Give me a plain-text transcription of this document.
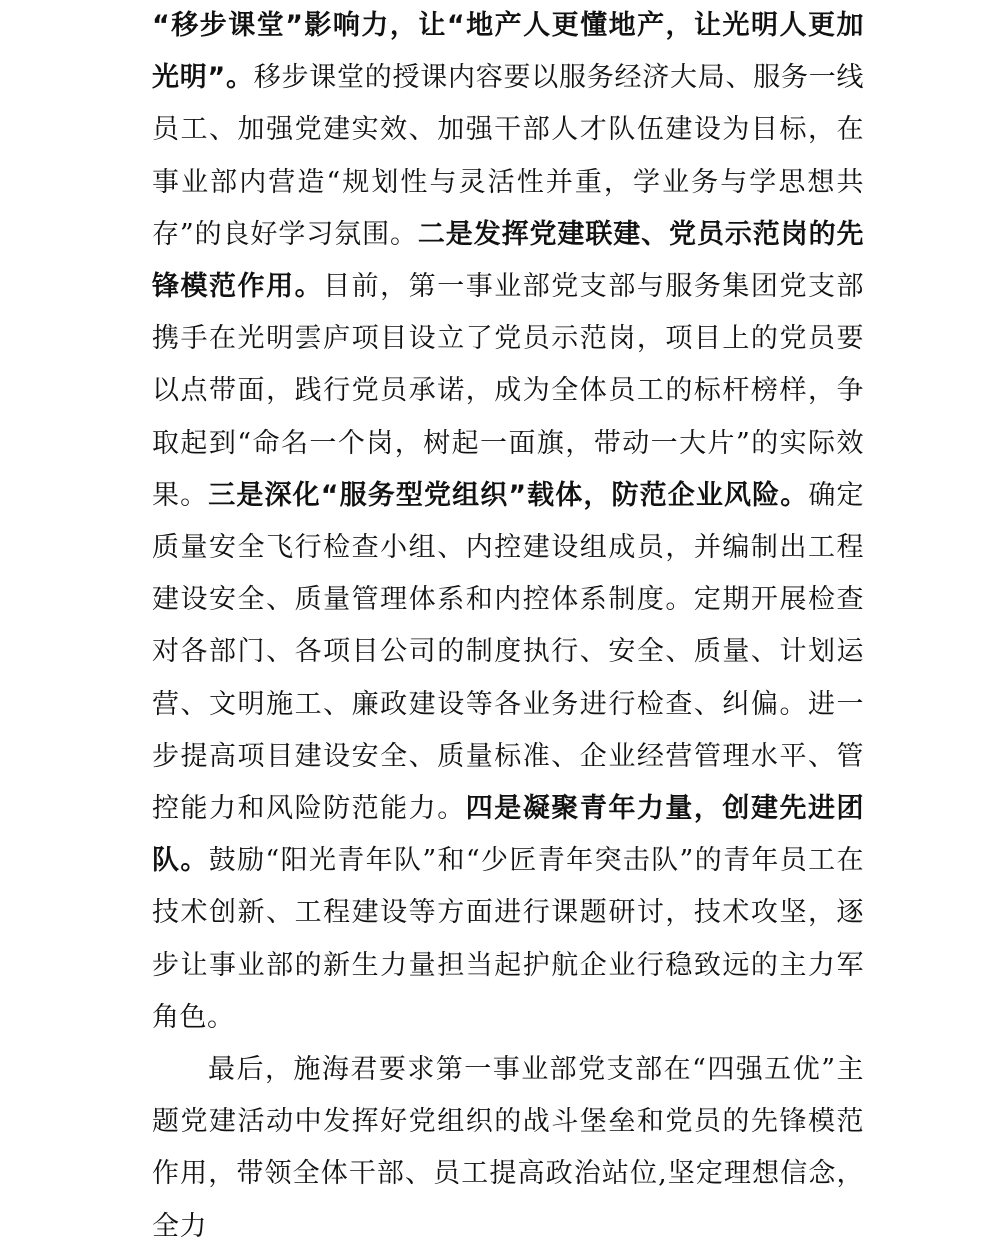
“移步课堂”影响力，让“地产人更懂地产，让光明人更加光明”。移步课堂的授课内容要以服务经济大局、服务一线员工、加强党建实效、加强干部人才队伍建设为目标，在事业部内营造“规划性与灵活性并重，学业务与学思想共存”的良好学习氛围。二是发挥党建联建、党员示范岗的先锋模范作用。目前，第一事业部党支部与服务集团党支部携手在光明雲庐项目设立了党员示范岗，项目上的党员要以点带面，践行党员承诺，成为全体员工的标杆榜样，争取起到“命名一个岗，树起一面旗，带动一大片”的实际效果。三是深化“服务型党组织”载体，防范企业风险。确定质量安全飞行检查小组、内控建设组成员，并编制出工程建设安全、质量管理体系和内控体系制度。定期开展检查对各部门、各项目公司的制度执行、安全、质量、计划运营、文明施工、廉政建设等各业务进行检查、纠偏。进一步提高项目建设安全、质量标准、企业经营管理水平、管控能力和风险防范能力。四是凝聚青年力量，创建先进团队。鼓励“阳光青年队”和“少匠青年突击队”的青年员工在技术创新、工程建设等方面进行课题研讨，技术攻坚，逐步让事业部的新生力量担当起护航企业行稳致远的主力军角色。

最后，施海君要求第一事业部党支部在“四强五优”主题党建活动中发挥好党组织的战斗堡垒和党员的先锋模范作用，带领全体干部、员工提高政治站位,坚定理想信念，全力
